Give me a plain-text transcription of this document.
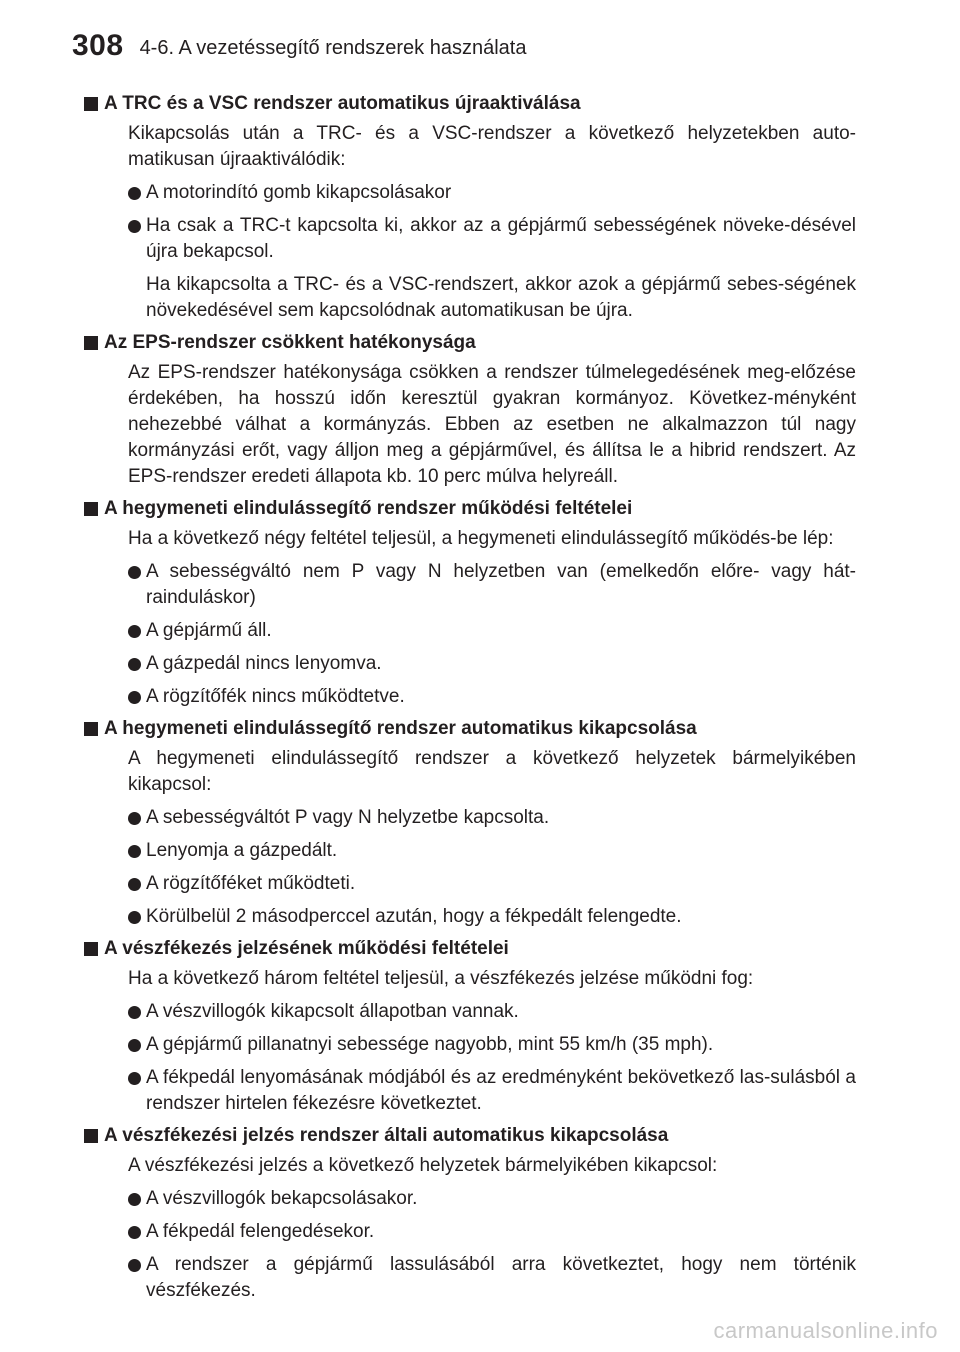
308 4-6. A vezetéssegítő rendszerek használata
A TRC és a VSC rendszer automatikus újraaktiválása

Kikapcsolás után a TRC- és a VSC-rendszer a következő helyzetekben auto-matikusan újraaktiválódik:

A motorindító gomb kikapcsolásakor
Ha csak a TRC-t kapcsolta ki, akkor az a gépjármű sebességének növeke-désével újra bekapcsol.

Ha kikapcsolta a TRC- és a VSC-rendszert, akkor azok a gépjármű sebes-ségének növekedésével sem kapcsolódnak automatikusan be újra.

Az EPS-rendszer csökkent hatékonysága

Az EPS-rendszer hatékonysága csökken a rendszer túlmelegedésének meg-előzése érdekében, ha hosszú időn keresztül gyakran kormányoz. Következ-ményként nehezebbé válhat a kormányzás. Ebben az esetben ne alkalmazzon túl nagy kormányzási erőt, vagy álljon meg a gépjárművel, és állítsa le a hibrid rendszert. Az EPS-rendszer eredeti állapota kb. 10 perc múlva helyreáll.

A hegymeneti elindulássegítő rendszer működési feltételei

Ha a következő négy feltétel teljesül, a hegymeneti elindulássegítő működés-be lép:

A sebességváltó nem P vagy N helyzetben van (emelkedőn előre- vagy hát-rainduláskor)
A gépjármű áll.
A gázpedál nincs lenyomva.
A rögzítőfék nincs működtetve.
A hegymeneti elindulássegítő rendszer automatikus kikapcsolása

A hegymeneti elindulássegítő rendszer a következő helyzetek bármelyikében kikapcsol:

A sebességváltót P vagy N helyzetbe kapcsolta.
Lenyomja a gázpedált.
A rögzítőféket működteti.
Körülbelül 2 másodperccel azután, hogy a fékpedált felengedte.
A vészfékezés jelzésének működési feltételei

Ha a következő három feltétel teljesül, a vészfékezés jelzése működni fog:

A vészvillogók kikapcsolt állapotban vannak.
A gépjármű pillanatnyi sebessége nagyobb, mint 55 km/h (35 mph).
A fékpedál lenyomásának módjából és az eredményként bekövetkező las-sulásból a rendszer hirtelen fékezésre következtet.
A vészfékezési jelzés rendszer általi automatikus kikapcsolása

A vészfékezési jelzés a következő helyzetek bármelyikében kikapcsol:

A vészvillogók bekapcsolásakor.
A fékpedál felengedésekor.
A rendszer a gépjármű lassulásából arra következtet, hogy nem történik vészfékezés.
carmanualsonline.info
